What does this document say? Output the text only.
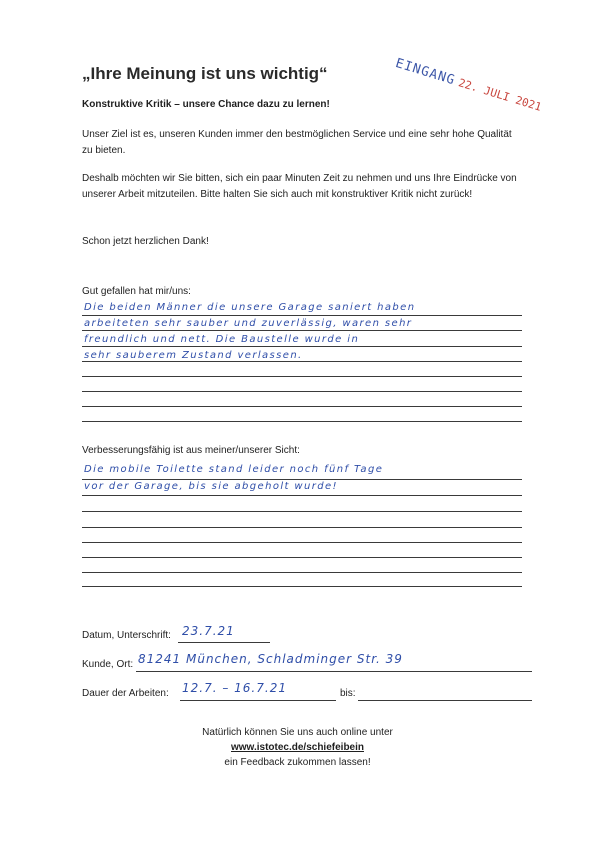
EINGANG22. JULI 2021
„Ihre Meinung ist uns wichtig“
Konstruktive Kritik – unsere Chance dazu zu lernen!
Unser Ziel ist es, unseren Kunden immer den bestmöglichen Service und eine sehr hohe Qualität zu bieten.
Deshalb möchten wir Sie bitten, sich ein paar Minuten Zeit zu nehmen und uns Ihre Eindrücke von unserer Arbeit mitzuteilen. Bitte halten Sie sich auch mit konstruktiver Kritik nicht zurück!
Schon jetzt herzlichen Dank!
Gut gefallen hat mir/uns:
Die beiden Männer die unsere Garage saniert haben
arbeiteten sehr sauber und zuverlässig, waren sehr
freundlich und nett. Die Baustelle wurde in
sehr sauberem Zustand verlassen.
Verbesserungsfähig ist aus meiner/unserer Sicht:
Die mobile Toilette stand leider noch fünf Tage
vor der Garage, bis sie abgeholt wurde!
Datum, Unterschrift: 23.7.21
Kunde, Ort: 81241 München, Schladminger Str. 39
Dauer der Arbeiten: 12.7. – 16.7.21	bis:
Natürlich können Sie uns auch online unter
www.istotec.de/schiefeibein
ein Feedback zukommen lassen!
